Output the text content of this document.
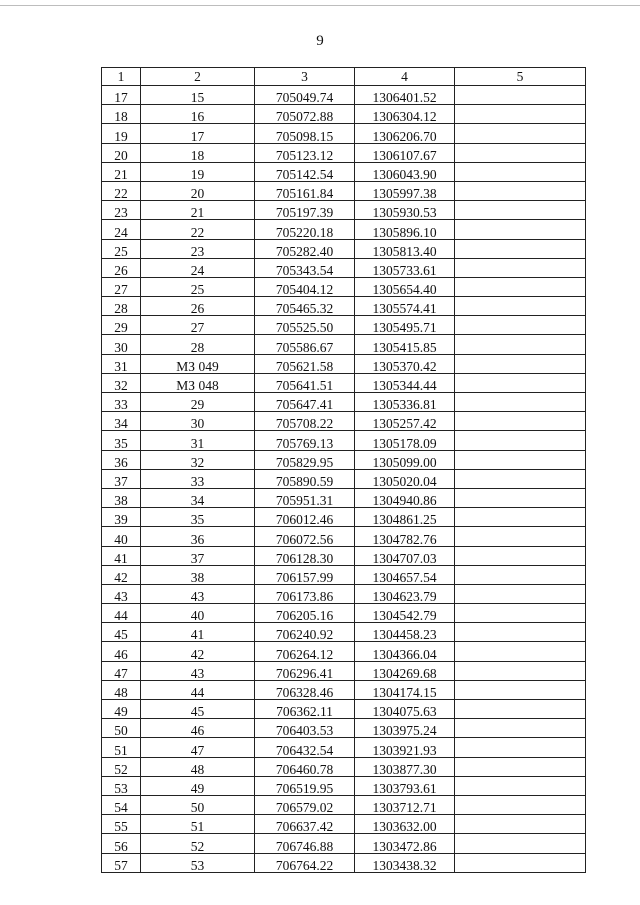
9
1	2	3	4	5
17	15	705049.74	1306401.52	
18	16	705072.88	1306304.12	
19	17	705098.15	1306206.70	
20	18	705123.12	1306107.67	
21	19	705142.54	1306043.90	
22	20	705161.84	1305997.38	
23	21	705197.39	1305930.53	
24	22	705220.18	1305896.10	
25	23	705282.40	1305813.40	
26	24	705343.54	1305733.61	
27	25	705404.12	1305654.40	
28	26	705465.32	1305574.41	
29	27	705525.50	1305495.71	
30	28	705586.67	1305415.85	
31	МЗ 049	705621.58	1305370.42	
32	МЗ 048	705641.51	1305344.44	
33	29	705647.41	1305336.81	
34	30	705708.22	1305257.42	
35	31	705769.13	1305178.09	
36	32	705829.95	1305099.00	
37	33	705890.59	1305020.04	
38	34	705951.31	1304940.86	
39	35	706012.46	1304861.25	
40	36	706072.56	1304782.76	
41	37	706128.30	1304707.03	
42	38	706157.99	1304657.54	
43	43	706173.86	1304623.79	
44	40	706205.16	1304542.79	
45	41	706240.92	1304458.23	
46	42	706264.12	1304366.04	
47	43	706296.41	1304269.68	
48	44	706328.46	1304174.15	
49	45	706362.11	1304075.63	
50	46	706403.53	1303975.24	
51	47	706432.54	1303921.93	
52	48	706460.78	1303877.30	
53	49	706519.95	1303793.61	
54	50	706579.02	1303712.71	
55	51	706637.42	1303632.00	
56	52	706746.88	1303472.86	
57	53	706764.22	1303438.32	
